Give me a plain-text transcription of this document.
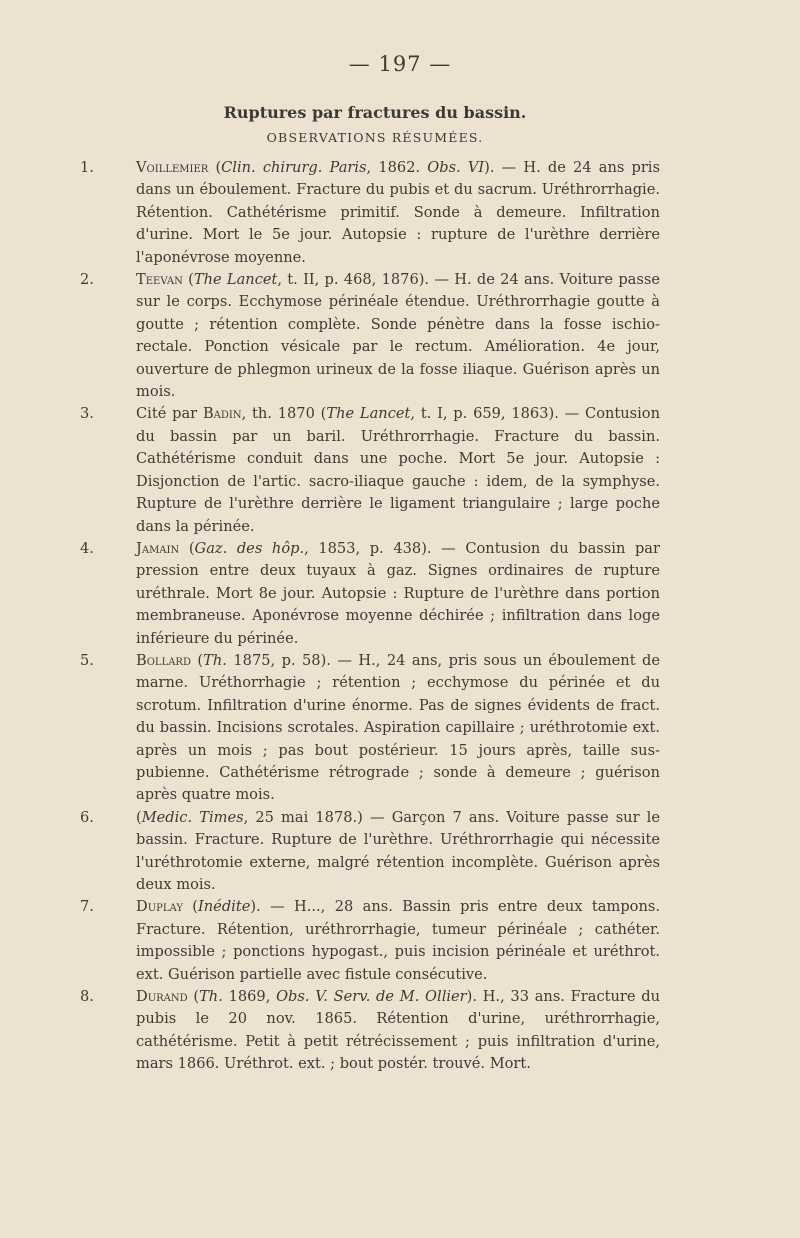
— 197 —
Ruptures par fractures du bassin.
OBSERVATIONS RÉSUMÉES.
1.	Voillemier (Clin. chirurg. Paris, 1862. Obs. VI). — H. de 24 ans pris dans un éboulement. Fracture du pubis et du sacrum. Uréthrorrhagie. Rétention. Cathétérisme primitif. Sonde à demeure. Infiltration d'urine. Mort le 5e jour. Autopsie : rupture de l'urèthre derrière l'aponévrose moyenne.
2.	Teevan (The Lancet, t. II, p. 468, 1876). — H. de 24 ans. Voiture passe sur le corps. Ecchymose périnéale étendue. Uréthrorrhagie goutte à goutte ; rétention complète. Sonde pénètre dans la fosse ischio-rectale. Ponction vésicale par le rectum. Amélioration. 4e jour, ouverture de phlegmon urineux de la fosse iliaque. Guérison après un mois.
3.	Cité par Badin, th. 1870 (The Lancet, t. I, p. 659, 1863). — Contusion du bassin par un baril. Uréthrorrhagie. Fracture du bassin. Cathétérisme conduit dans une poche. Mort 5e jour. Autopsie : Disjonction de l'artic. sacro-iliaque gauche : idem, de la symphyse. Rupture de l'urèthre derrière le ligament triangulaire ; large poche dans la périnée.
4.	Jamain (Gaz. des hôp., 1853, p. 438). — Contusion du bassin par pression entre deux tuyaux à gaz. Signes ordinaires de rupture uréthrale. Mort 8e jour. Autopsie : Rupture de l'urèthre dans portion membraneuse. Aponévrose moyenne déchirée ; infiltration dans loge inférieure du périnée.
5.	Bollard (Th. 1875, p. 58). — H., 24 ans, pris sous un éboulement de marne. Uréthorrhagie ; rétention ; ecchymose du périnée et du scrotum. Infiltration d'urine énorme. Pas de signes évidents de fract. du bassin. Incisions scrotales. Aspiration capillaire ; uréthrotomie ext. après un mois ; pas bout postérieur. 15 jours après, taille sus-pubienne. Cathétérisme rétrograde ; sonde à demeure ; guérison après quatre mois.
6.	(Medic. Times, 25 mai 1878.) — Garçon 7 ans. Voiture passe sur le bassin. Fracture. Rupture de l'urèthre. Uréthrorrhagie qui nécessite l'uréthrotomie externe, malgré rétention incomplète. Guérison après deux mois.
7.	Duplay (Inédite). — H..., 28 ans. Bassin pris entre deux tampons. Fracture. Rétention, uréthrorrhagie, tumeur périnéale ; cathéter. impossible ; ponctions hypogast., puis incision périnéale et uréthrot. ext. Guérison partielle avec fistule consécutive.
8.	Durand (Th. 1869, Obs. V. Serv. de M. Ollier). H., 33 ans. Fracture du pubis le 20 nov. 1865. Rétention d'urine, uréthrorrhagie, cathétérisme. Petit à petit rétrécissement ; puis infiltration d'urine, mars 1866. Uréthrot. ext. ; bout postér. trouvé. Mort.
